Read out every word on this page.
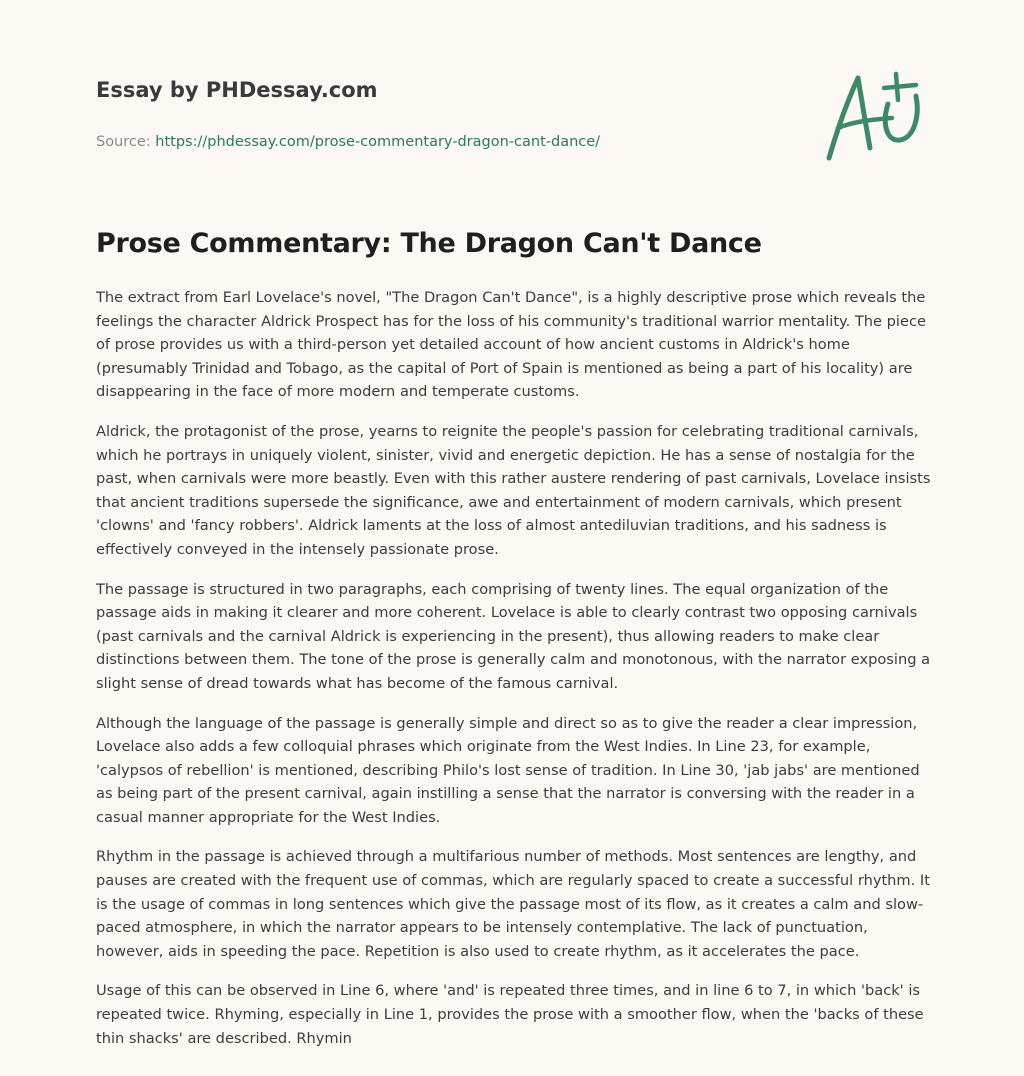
Essay by PHDessay.com
Source: https://phdessay.com/prose-commentary-dragon-cant-dance/
Prose Commentary: The Dragon Can't Dance

The extract from Earl Lovelace's novel, "The Dragon Can't Dance", is a highly descriptive prose which reveals the feelings the character Aldrick Prospect has for the loss of his community's traditional warrior mentality. The piece of prose provides us with a third-person yet detailed account of how ancient customs in Aldrick's home (presumably Trinidad and Tobago, as the capital of Port of Spain is mentioned as being a part of his locality) are disappearing in the face of more modern and temperate customs.

Aldrick, the protagonist of the prose, yearns to reignite the people's passion for celebrating traditional carnivals, which he portrays in uniquely violent, sinister, vivid and energetic depiction. He has a sense of nostalgia for the past, when carnivals were more beastly. Even with this rather austere rendering of past carnivals, Lovelace insists that ancient traditions supersede the significance, awe and entertainment of modern carnivals, which present 'clowns' and 'fancy robbers'. Aldrick laments at the loss of almost antediluvian traditions, and his sadness is effectively conveyed in the intensely passionate prose.

The passage is structured in two paragraphs, each comprising of twenty lines. The equal organization of the passage aids in making it clearer and more coherent. Lovelace is able to clearly contrast two opposing carnivals (past carnivals and the carnival Aldrick is experiencing in the present), thus allowing readers to make clear distinctions between them. The tone of the prose is generally calm and monotonous, with the narrator exposing a slight sense of dread towards what has become of the famous carnival.

Although the language of the passage is generally simple and direct so as to give the reader a clear impression, Lovelace also adds a few colloquial phrases which originate from the West Indies. In Line 23, for example, 'calypsos of rebellion' is mentioned, describing Philo's lost sense of tradition. In Line 30, 'jab jabs' are mentioned as being part of the present carnival, again instilling a sense that the narrator is conversing with the reader in a casual manner appropriate for the West Indies.

Rhythm in the passage is achieved through a multifarious number of methods. Most sentences are lengthy, and pauses are created with the frequent use of commas, which are regularly spaced to create a successful rhythm. It is the usage of commas in long sentences which give the passage most of its flow, as it creates a calm and slow-paced atmosphere, in which the narrator appears to be intensely contemplative. The lack of punctuation, however, aids in speeding the pace. Repetition is also used to create rhythm, as it accelerates the pace.

Usage of this can be observed in Line 6, where 'and' is repeated three times, and in line 6 to 7, in which 'back' is repeated twice. Rhyming, especially in Line 1, provides the prose with a smoother flow, when the 'backs of these thin shacks' are described. Rhymin
